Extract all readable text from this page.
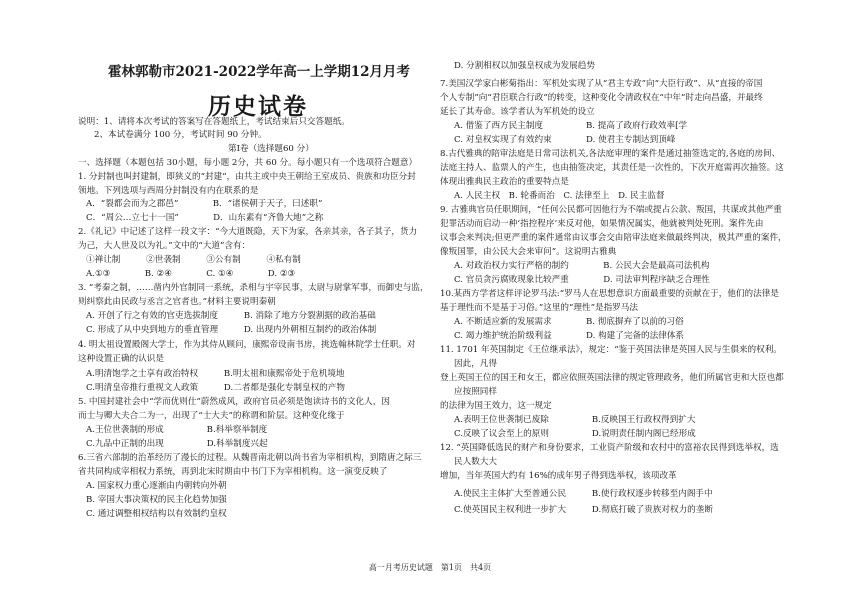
霍林郭勒市2021-2022学年高一上学期12月月考
历史试卷
说明：1、请将本次考试的答案写在答题纸上，考试结束后只交答题纸。
2、本试卷满分 100 分，考试时间 90 分钟。
第Ⅰ卷（选择题60 分）
一、选择题（本题包括 30小题，每小题 2分，共 60 分。每小题只有一个选项符合题意）
1. 分封制也叫封建制，即狭义的“封建”，由共主或中央王朝给王室成员、贵族和功臣分封
领地。下列选项与西周分封制没有内在联系的是
A．“裂都会而为之郡邑”　　　　B．“诸侯朝于天子，曰述职”
C．“周公…立七十一国”　　　　D．山东素有“齐鲁大地”之称
2.《礼记》中记述了这样一段文字：“今大道既隐，天下为家，各亲其亲，各子其子，货力
为己，大人世及以为礼。”文中的“大道”含有：
①禅让制　　　②世袭制　　　③公有制　　　④私有制
A.①③　　　　B. ②④　　　　C. ①④　　　　D. ②③
3. “考秦之制，……凿内外官制同一系统，杀相与宇宰民事，太尉与尉掌军事，而御史与监，
则纠察此由民政与丞言之官者也。”材料主要说明秦朝
A. 开创了行之有效的官吏选拔制度　　　B. 消除了地方分裂割据的政治基础
C. 形成了从中央到地方的垂直管理　　　D. 出现内外朝相互制约的政治体制
4. 明太祖设置殿阁大学士，作为其侍从顾问，康熙帝设南书房，挑选翰林院学士任职。对
这种设置正确的认识是
A.明清饱学之士享有政治特权　　　B.明太祖和康熙帝处于危机境地
C.明清皇帝推行重视文人政策　　　D.二者都是强化专制皇权的产物
5. 中国封建社会中“学而优则仕”蔚然成风，政府官员必须是饱读诗书的文化人，因
而士与卿大夫合二为一，出现了“士大夫”的称谓和阶层。这种变化缘于
A.王位世袭制的形成　　　　　B.科举察举制度
C.九品中正制的出现　　　　　D.科举制度兴起
6.三省六部制的治革经历了漫长的过程。从魏晋南北朝以尚书省为宰相机构，到隋唐之际三
省共同构成宰相权力系统，再到北宋时期由中书门下为宰相机构。这一演变反映了
A. 国家权力重心逐渐由内朝转向外朝
B. 宰国大事决策权的民主化趋势加强
C. 通过调整相权结构以有效制约皇权
D. 分割相权以加强皇权成为发展趋势
7.美国汉学家白彬菊指出：军机处实现了从“君主专政”向“大臣行政”、从“直接的帝国
个人专制”向“君臣联合行政”的转变，这种变化令清政权在“中年”时走向昌盛，并最终
延长了其寿命。该学者认为军机处的设立
A. 借鉴了西方民主制度　　　　　B. 提高了政府行政效率[学
C. 对皇权实现了有效约束　　　　D. 使君主专制达到顶峰
8.古代雅典的陪审法庭是日常司法机关,各法庭审理的案件是通过抽签选定的,各庭的房间、
法庭主持人、监票人的产生，也由抽签决定，其责任是一次性的，下次开庭需再次抽签。这
体现出雅典民主政治的重要特点是
A. 人民主权　B. 轮番而治　C. 法律至上　D. 民主监督
9. 古雅典官员任职期间，“任何公民都可因他行为不端或提占公款、叛国，共谋或其他严重
犯罪活动而启动一种‘指控程序’来反对他，如果情况属实，他就被判处死刑。案件先由
议事会来判决;但更严重的案件通常由议事会交由陪审法庭来做最终判决，极其严重的案件，
像叛国罪，由公民大会来审问”。这说明古雅典
A. 对政治权力实行严格的制约　　　　B. 公民大会是最高司法机构
C. 官员贪污腐败现象比较严重　　　　D. 司法审判程序缺乏合理性
10.某西方学者这样评论罗马法:“罗马人在思想意识方面最重要的贡献在于，他们的法律是
基于理性而不是基于习俗。”这里的“理性”是指罗马法
A. 不断适应新的发展需求　　　　B. 彻底摒弃了以前的习俗
C. 竭力维护统治阶级利益　　　　D. 构建了完备的法律体系
11. 1701 年英国制定《王位继承法》，规定：“鉴于英国法律是英国人民与生俱来的权利。
因此，凡得
登上英国王位的国王和女王，都应依照英国法律的规定管理政务，他们所属官吏和大臣也都
应按照同样
的法律为国王效力，这一规定
A.表明王位世袭制已废除　　　　　B.反映国王行政权得到扩大
C.反映了议会至上的原则　　　　　D.说明责任制内阁已经形成
12. “英国降低选民的财产和身份要求，工业资产阶级和农村中的富裕农民得到选举权，选
民人数大大
增加，当年英国大约有 16%的成年男子得到选举权，该项改革
A.使民主主体扩大至普通公民　　　B.使行政权逐步转移至内阁手中
C.使英国民主权利进一步扩大　　　D.彻底打破了贵族对权力的垄断
高一月考历史试题　第1页　共4页
